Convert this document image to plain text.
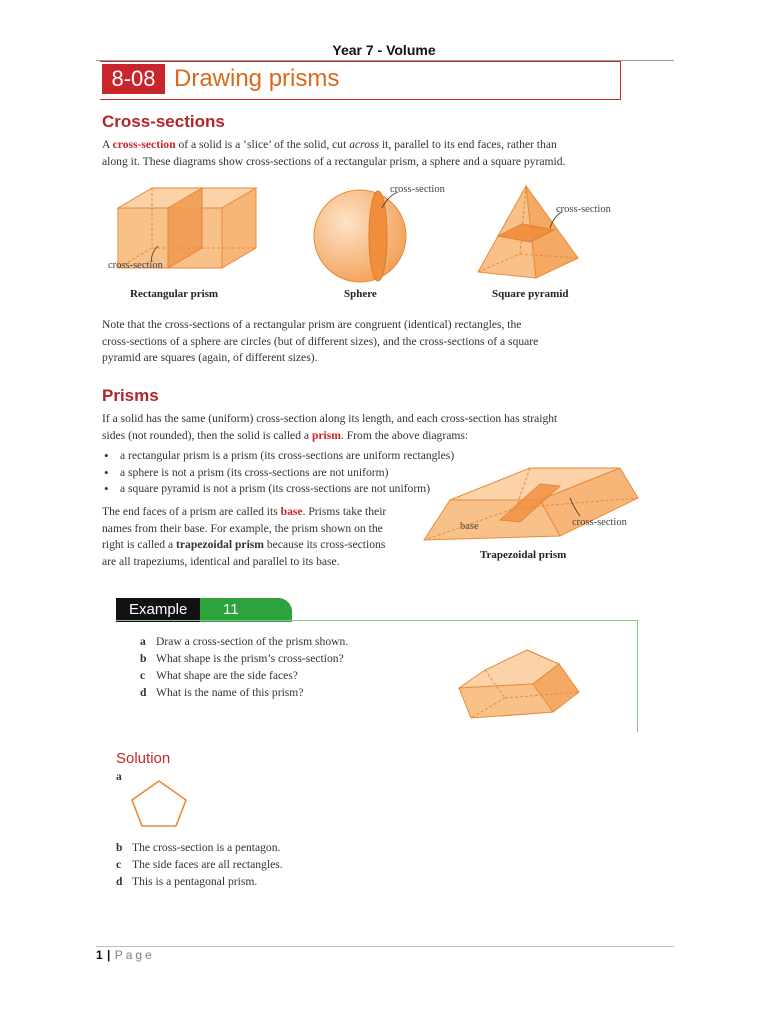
Year 7 - Volume
8-08 Drawing prisms
Cross-sections

A cross-section of a solid is a ‘slice’ of the solid, cut across it, parallel to its end faces, rather than
along it. These diagrams show cross-sections of a rectangular prism, a sphere and a square pyramid.

cross-section
Rectangular prism
cross-section
Sphere
cross-section
Square pyramid

Note that the cross-sections of a rectangular prism are congruent (identical) rectangles, the
cross-sections of a sphere are circles (but of different sizes), and the cross-sections of a square
pyramid are squares (again, of different sizes).

Prisms

If a solid has the same (uniform) cross-section along its length, and each cross-section has straight
sides (not rounded), then the solid is called a prism. From the above diagrams:

• a rectangular prism is a prism (its cross-sections are uniform rectangles)
• a sphere is not a prism (its cross-sections are not uniform)
• a square pyramid is not a prism (its cross-sections are not uniform)

The end faces of a prism are called its base. Prisms take their
names from their base. For example, the prism shown on the
right is called a trapezoidal prism because its cross-sections
are all trapeziums, identical and parallel to its base.

base	cross-section
Trapezoidal prism
Example	11
a Draw a cross-section of the prism shown.
b What shape is the prism’s cross-section?
c What shape are the side faces?
d What is the name of this prism?
Solution
a
b The cross-section is a pentagon.
c The side faces are all rectangles.
d This is a pentagonal prism.
1 | Page
